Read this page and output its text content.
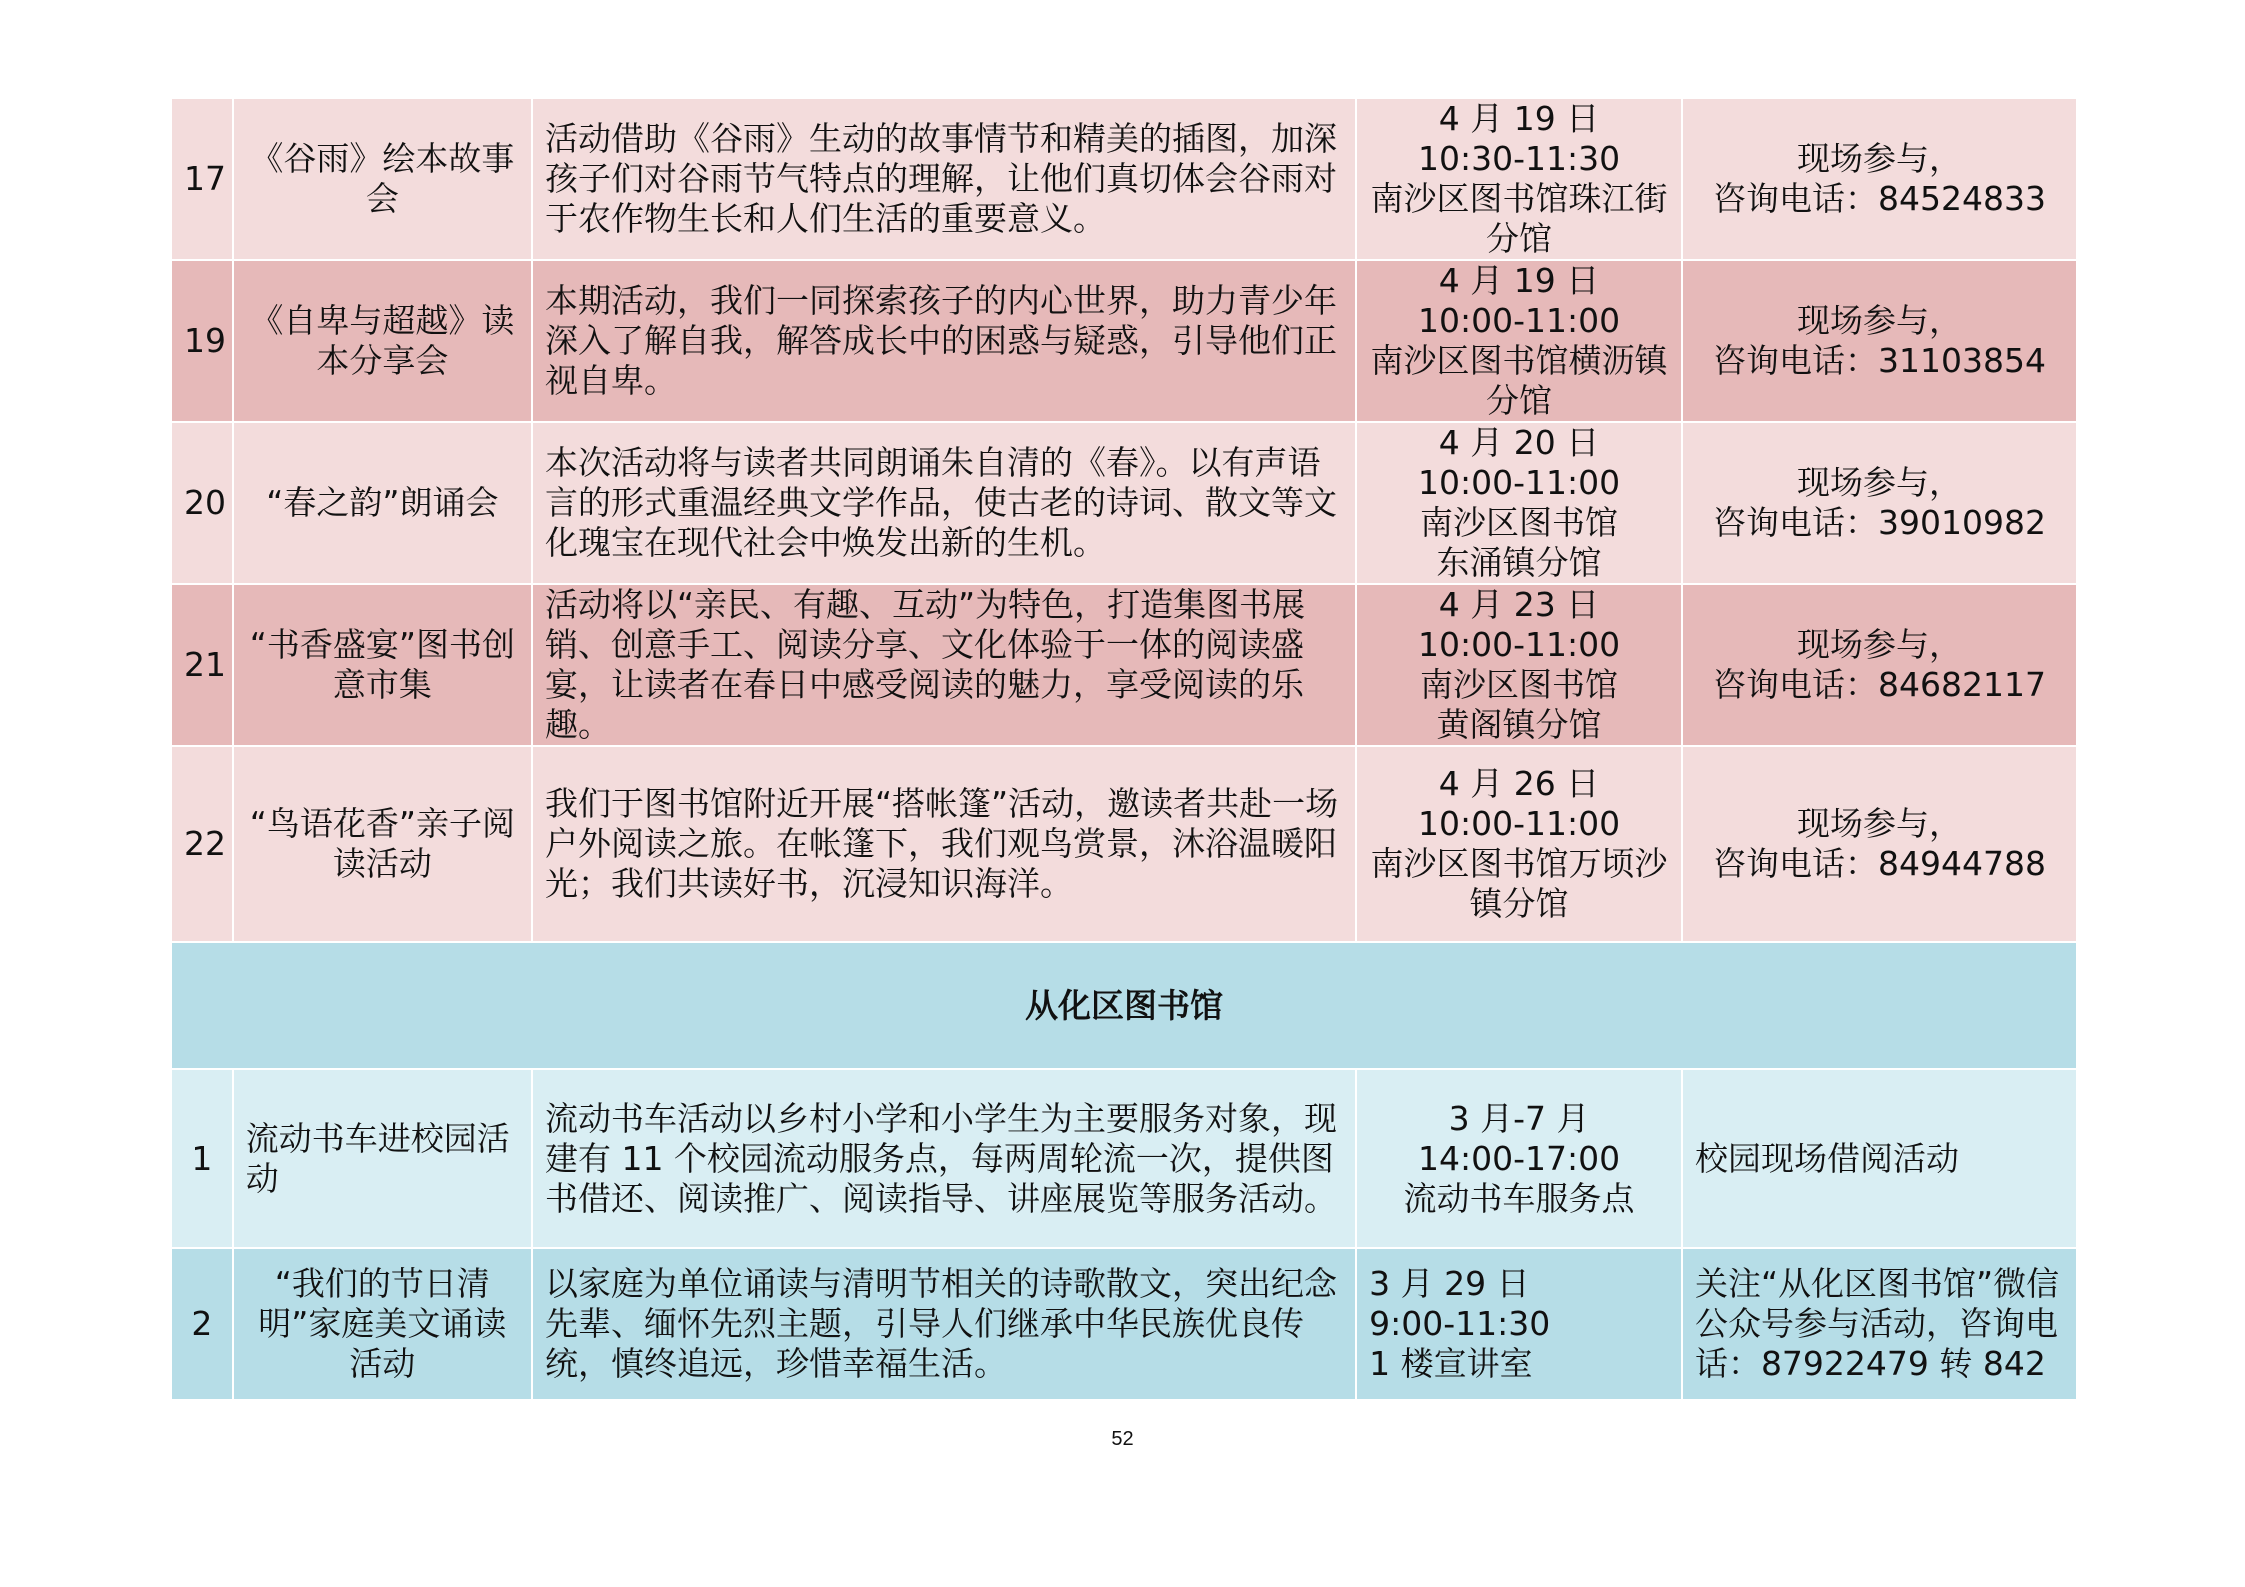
17	《谷雨》绘本故事会	活动借助《谷雨》生动的故事情节和精美的插图，加深孩子们对谷雨节气特点的理解，让他们真切体会谷雨对于农作物生长和人们生活的重要意义。	4 月 19 日
10:30-11:30
南沙区图书馆珠江街
分馆	现场参与，
咨询电话：84524833

19	《自卑与超越》读本分享会	本期活动，我们一同探索孩子的内心世界，助力青少年深入了解自我，解答成长中的困惑与疑惑，引导他们正视自卑。	4 月 19 日
10:00-11:00
南沙区图书馆横沥镇
分馆	现场参与，
咨询电话：31103854

20	“春之韵”朗诵会	本次活动将与读者共同朗诵朱自清的《春》。以有声语言的形式重温经典文学作品，使古老的诗词、散文等文化瑰宝在现代社会中焕发出新的生机。	4 月 20 日
10:00-11:00
南沙区图书馆
东涌镇分馆	现场参与，
咨询电话：39010982

21	“书香盛宴”图书创意市集	活动将以“亲民、有趣、互动”为特色，打造集图书展销、创意手工、阅读分享、文化体验于一体的阅读盛宴，让读者在春日中感受阅读的魅力，享受阅读的乐趣。	4 月 23 日
10:00-11:00
南沙区图书馆
黄阁镇分馆	现场参与，
咨询电话：84682117

22	“鸟语花香”亲子阅读活动	我们于图书馆附近开展“搭帐篷”活动，邀读者共赴一场户外阅读之旅。在帐篷下，我们观鸟赏景，沐浴温暖阳光；我们共读好书，沉浸知识海洋。	4 月 26 日
10:00-11:00
南沙区图书馆万顷沙
镇分馆	现场参与，
咨询电话：84944788

从化区图书馆				
1	流动书车进校园活动	流动书车活动以乡村小学和小学生为主要服务对象，现建有 11 个校园流动服务点，每两周轮流一次，提供图书借还、阅读推广、阅读指导、讲座展览等服务活动。	3 月-7 月
14:00-17:00
流动书车服务点	校园现场借阅活动

2	“我们的节日清明”家庭美文诵读活动	以家庭为单位诵读与清明节相关的诗歌散文，突出纪念先辈、缅怀先烈主题，引导人们继承中华民族优良传统，慎终追远，珍惜幸福生活。	3 月 29 日
9:00-11:30
1 楼宣讲室	关注“从化区图书馆”微信公众号参与活动，咨询电话：87922479 转 842
52
